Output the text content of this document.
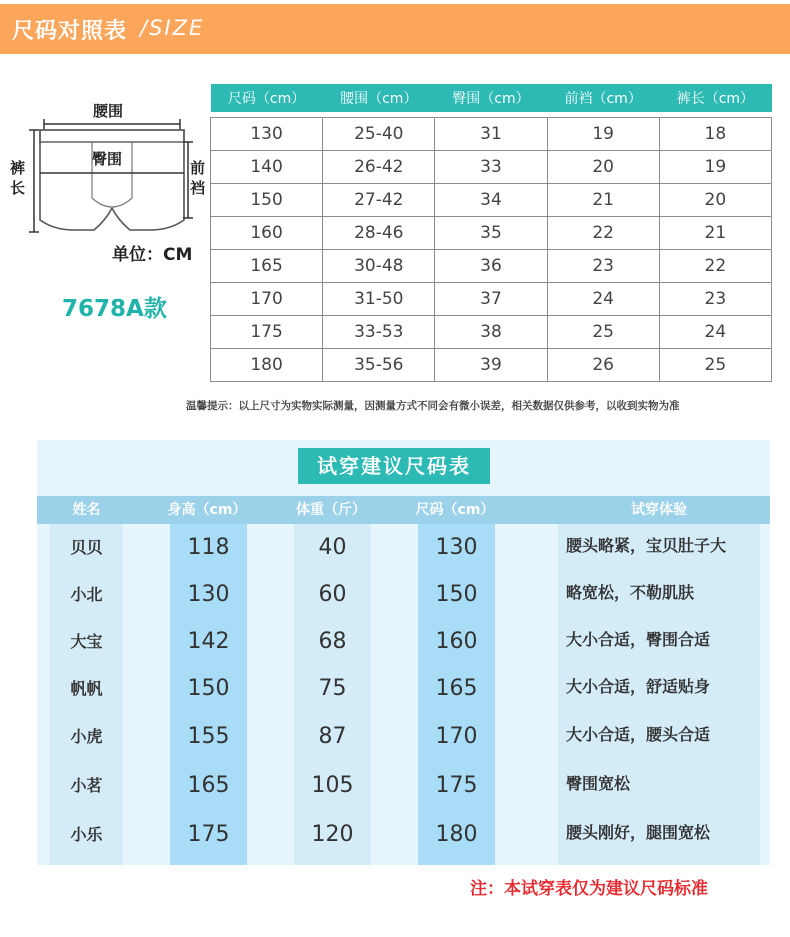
尺码对照表 /SIZE
腰围
臀围
裤长
前裆
单位：CM
7678A款
尺码（cm）	腰围（cm）	臀围（cm）	前裆（cm）	裤长（cm）

130	25-40	31	19	18
140	26-42	33	20	19
150	27-42	34	21	20
160	28-46	35	22	21
165	30-48	36	23	22
170	31-50	37	24	23
175	33-53	38	25	24
180	35-56	39	26	25
温馨提示：以上尺寸为实物实际测量，因测量方式不同会有微小误差，相关数据仅供参考，以收到实物为准
试穿建议尺码表
姓名	身高（cm）	体重（斤）	尺码（cm）	试穿体验
贝贝	118	40	130	腰头略紧，宝贝肚子大
小北	130	60	150	略宽松，不勒肌肤
大宝	142	68	160	大小合适，臀围合适
帆帆	150	75	165	大小合适，舒适贴身
小虎	155	87	170	大小合适，腰头合适
小茗	165	105	175	臀围宽松
小乐	175	120	180	腰头刚好，腿围宽松
注：本试穿表仅为建议尺码标准
